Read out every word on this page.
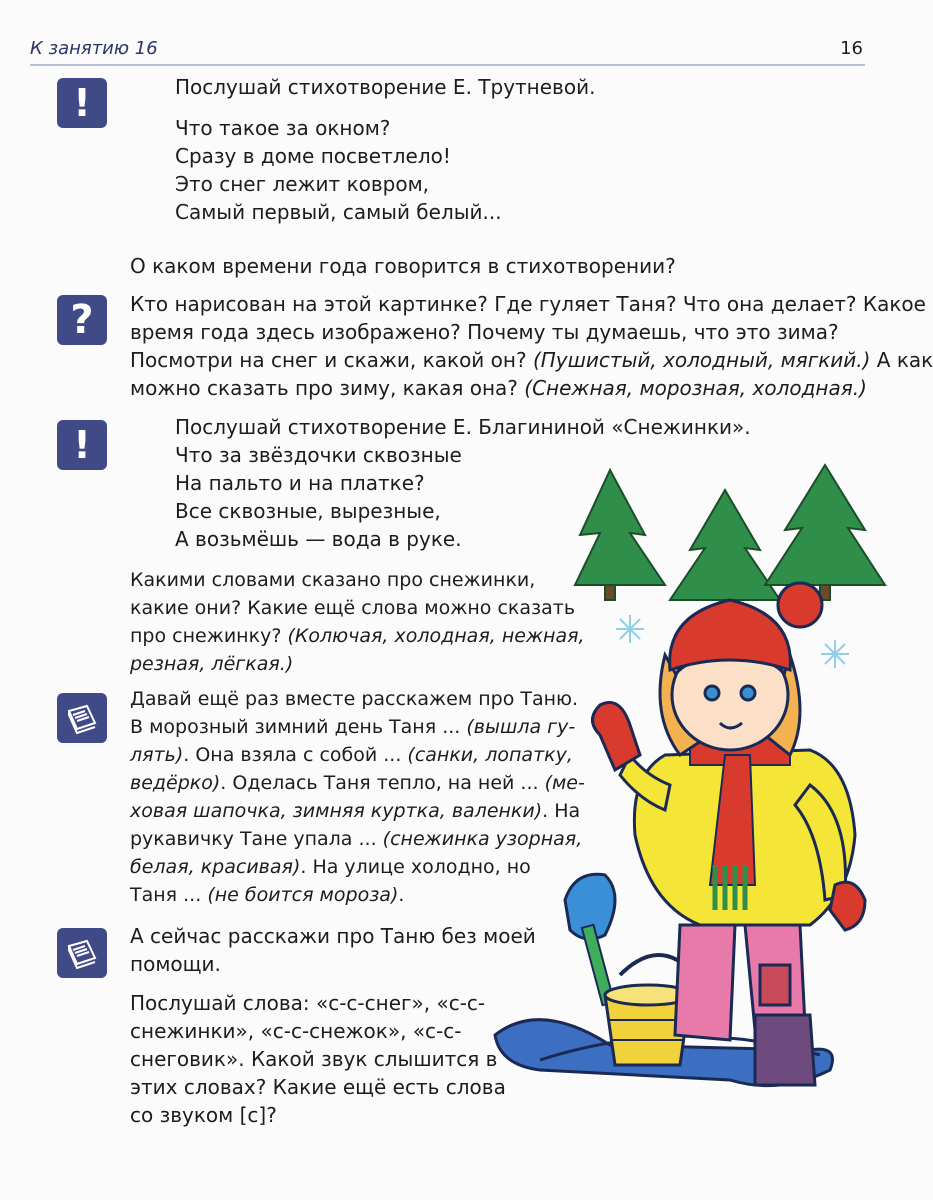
К занятию 16	16
!	Послушай стихотворение Е. Трутневой.
Что такое за окном?
Сразу в доме посветлело!
Это снег лежит ковром,
Самый первый, самый белый...
О каком времени года говорится в стихотворении?
?	Кто нарисован на этой картинке? Где гуляет Таня? Что она делает? Какое
время года здесь изображено? Почему ты думаешь, что это зима?
Посмотри на снег и скажи, какой он? (Пушистый, холодный, мягкий.) А как
можно сказать про зиму, какая она? (Снежная, морозная, холодная.)
!	Послушай стихотворение Е. Благининой «Снежинки».
Что за звёздочки сквозные
На пальто и на платке?
Все сквозные, вырезные,
А возьмёшь — вода в руке.
Какими словами сказано про снежинки,
какие они? Какие ещё слова можно сказать
про снежинку? (Колючая, холодная, нежная,
резная, лёгкая.)
Давай ещё раз вместе расскажем про Таню.
В морозный зимний день Таня ... (вышла гу-
лять). Она взяла с собой ... (санки, лопатку,
ведёрко). Оделась Таня тепло, на ней ... (ме-
ховая шапочка, зимняя куртка, валенки). На
рукавичку Тане упала ... (снежинка узорная,
белая, красивая). На улице холодно, но
Таня ... (не боится мороза).
А сейчас расскажи про Таню без моей
помощи.
Послушай слова: «с-с-снег», «с-с-
снежинки», «с-с-снежок», «с-с-
снеговик». Какой звук слышится в
этих словах? Какие ещё есть слова
со звуком [с]?
